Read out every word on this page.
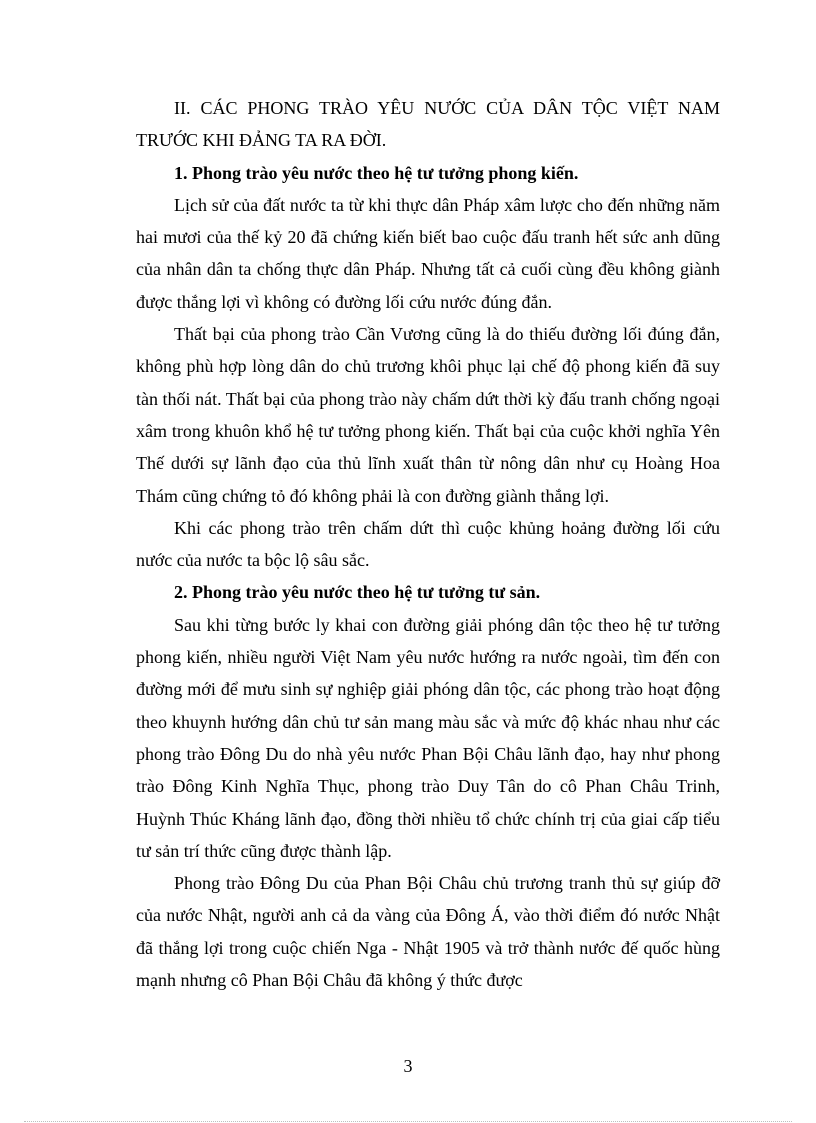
II. CÁC PHONG TRÀO YÊU NƯỚC CỦA DÂN TỘC VIỆT NAM TRƯỚC KHI ĐẢNG TA RA ĐỜI.

1. Phong trào yêu nước theo hệ tư tưởng phong kiến.

Lịch sử của đất nước ta từ khi thực dân Pháp xâm lược cho đến những năm hai mươi của thế kỷ 20 đã chứng kiến biết bao cuộc đấu tranh hết sức anh dũng của nhân dân ta chống thực dân Pháp. Nhưng tất cả cuối cùng đều không giành được thắng lợi vì không có đường lối cứu nước đúng đắn.

Thất bại của phong trào Cần Vương cũng là do thiếu đường lối đúng đắn, không phù hợp lòng dân do chủ trương khôi phục lại chế độ phong kiến đã suy tàn thối nát. Thất bại của phong trào này chấm dứt thời kỳ đấu tranh chống ngoại xâm trong khuôn khổ hệ tư tưởng phong kiến. Thất bại của cuộc khởi nghĩa Yên Thế dưới sự lãnh đạo của thủ lĩnh xuất thân từ nông dân như cụ Hoàng Hoa Thám cũng chứng tỏ đó không phải là con đường giành thắng lợi.

Khi các phong trào trên chấm dứt thì cuộc khủng hoảng đường lối cứu nước của nước ta bộc lộ sâu sắc.

2. Phong trào yêu nước theo hệ tư tưởng tư sản.

Sau khi từng bước ly khai con đường giải phóng dân tộc theo hệ tư tưởng phong kiến, nhiều người Việt Nam yêu nước hướng ra nước ngoài, tìm đến con đường mới để mưu sinh sự nghiệp giải phóng dân tộc, các phong trào hoạt động theo khuynh hướng dân chủ tư sản mang màu sắc và mức độ khác nhau như các phong trào Đông Du do nhà yêu nước Phan Bội Châu lãnh đạo, hay như phong trào Đông Kinh Nghĩa Thục, phong trào Duy Tân do cô Phan Châu Trinh, Huỳnh Thúc Kháng lãnh đạo, đồng thời nhiều tổ chức chính trị của giai cấp tiểu tư sản trí thức cũng được thành lập.

Phong trào Đông Du của Phan Bội Châu chủ trương tranh thủ sự giúp đỡ của nước Nhật, người anh cả da vàng của Đông Á, vào thời điểm đó nước Nhật đã thắng lợi trong cuộc chiến Nga - Nhật 1905 và trở thành nước đế quốc hùng mạnh nhưng cô Phan Bội Châu đã không ý thức được

3
